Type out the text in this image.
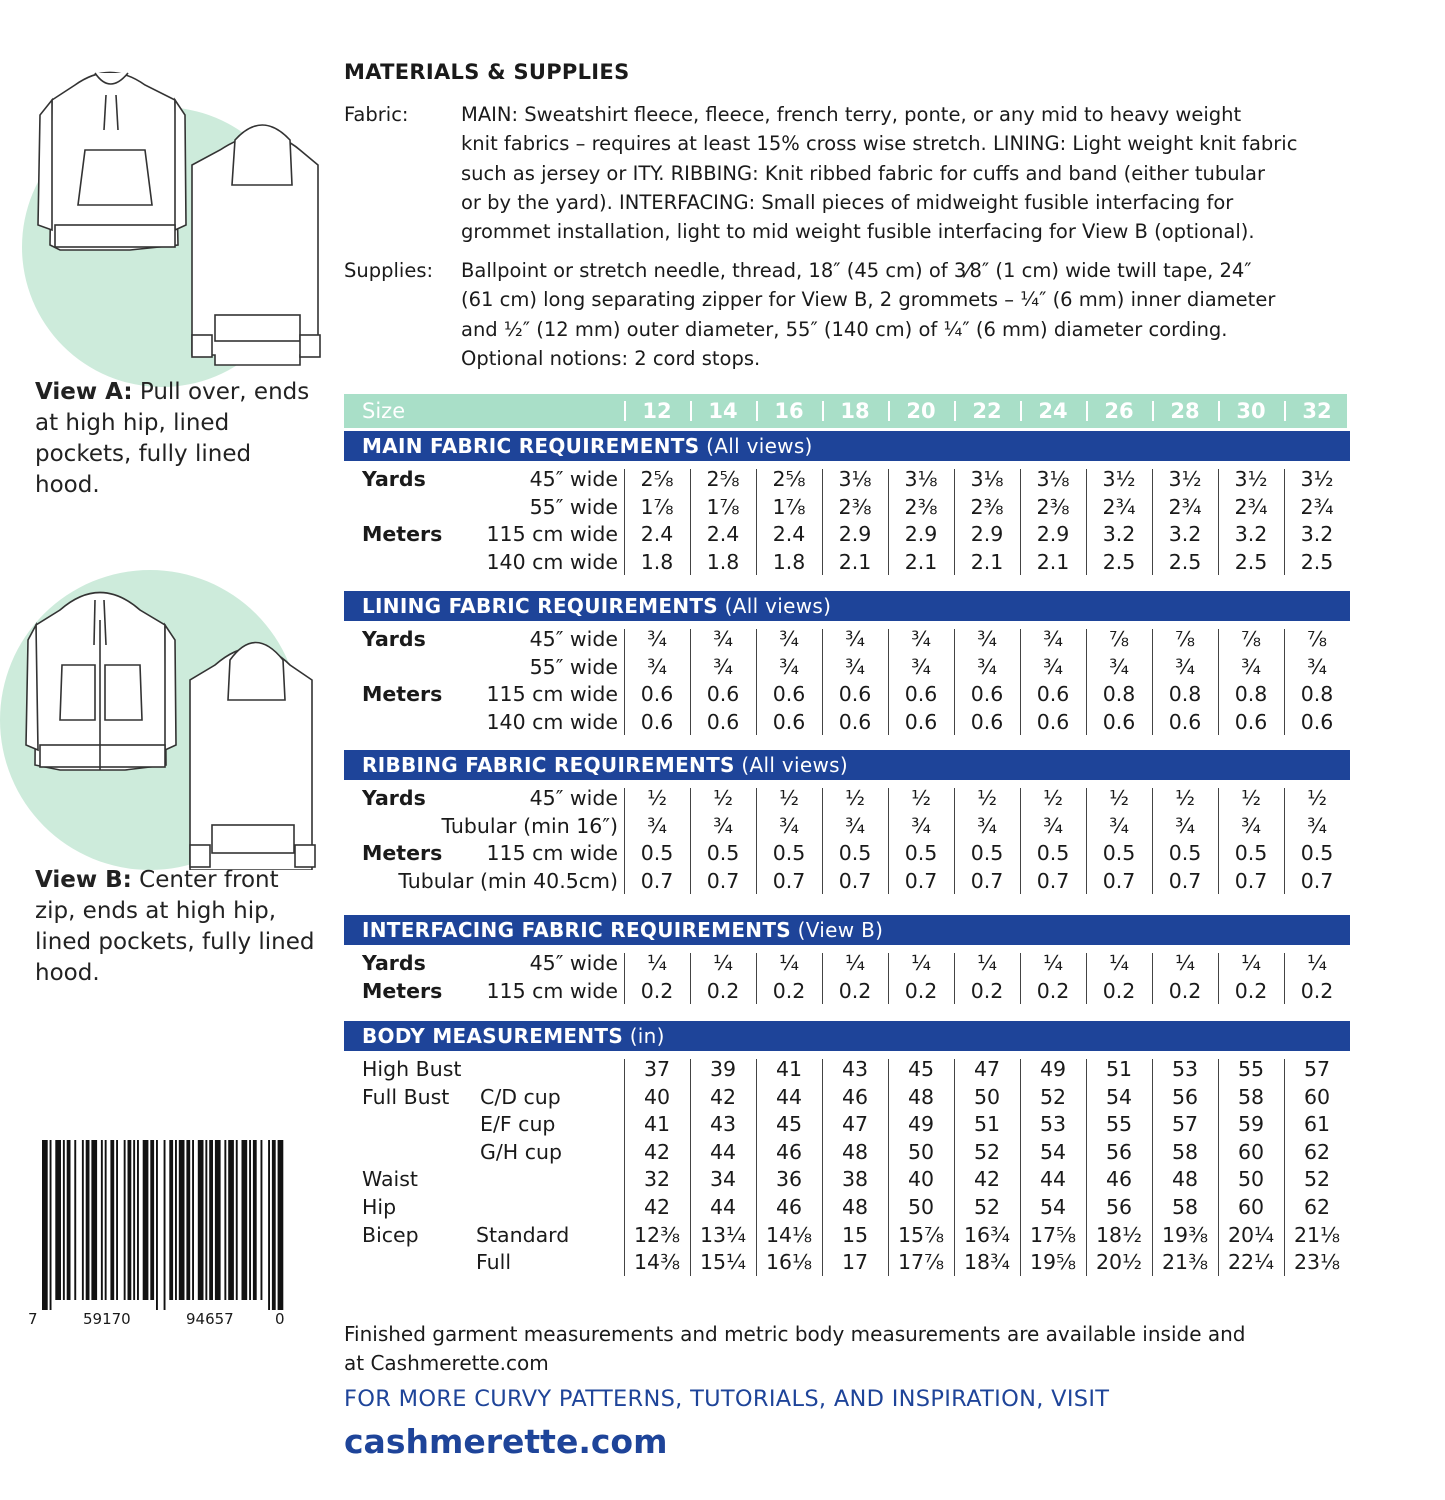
View A: Pull over, ends at high hip, lined pockets, fully lined hood.
View B: Center front zip, ends at high hip, lined pockets, fully lined hood.
7	59170	94657	0
MATERIALS & SUPPLIES
Fabric:	MAIN: Sweatshirt fleece, fleece, french terry, ponte, or any mid to heavy weight
knit fabrics – requires at least 15% cross wise stretch. LINING: Light weight knit fabric
such as jersey or ITY. RIBBING: Knit ribbed fabric for cuffs and band (either tubular
or by the yard). INTERFACING: Small pieces of midweight fusible interfacing for
grommet installation, light to mid weight fusible interfacing for View B (optional).
Supplies:	Ballpoint or stretch needle, thread, 18″ (45 cm) of 3⁄8″ (1 cm) wide twill tape, 24″
(61 cm) long separating zipper for View B, 2 grommets – ¼″ (6 mm) inner diameter
and ½″ (12 mm) outer diameter, 55″ (140 cm) of ¼″ (6 mm) diameter cording.
Optional notions: 2 cord stops.
Size	12	14	16	18	20	22	24	26	28	30	32
MAIN FABRIC REQUIREMENTS (All views)
Yards	45″ wide	2⅝	2⅝	2⅝	3⅛	3⅛	3⅛	3⅛	3½	3½	3½	3½
55″ wide	1⅞	1⅞	1⅞	2⅜	2⅜	2⅜	2⅜	2¾	2¾	2¾	2¾
Meters 115 cm wide	2.4	2.4	2.4	2.9	2.9	2.9	2.9	3.2	3.2	3.2	3.2
140 cm wide	1.8	1.8	1.8	2.1	2.1	2.1	2.1	2.5	2.5	2.5	2.5
LINING FABRIC REQUIREMENTS (All views)
Yards	45″ wide	¾	¾	¾	¾	¾	¾	¾	⅞	⅞	⅞	⅞
55″ wide	¾	¾	¾	¾	¾	¾	¾	¾	¾	¾	¾
Meters 115 cm wide	0.6	0.6	0.6	0.6	0.6	0.6	0.6	0.8	0.8	0.8	0.8
140 cm wide	0.6	0.6	0.6	0.6	0.6	0.6	0.6	0.6	0.6	0.6	0.6
RIBBING FABRIC REQUIREMENTS (All views)
Yards	45″ wide	½	½	½	½	½	½	½	½	½	½	½
Tubular (min 16″)	¾	¾	¾	¾	¾	¾	¾	¾	¾	¾	¾
Meters 115 cm wide	0.5	0.5	0.5	0.5	0.5	0.5	0.5	0.5	0.5	0.5	0.5
Tubular (min 40.5cm)	0.7	0.7	0.7	0.7	0.7	0.7	0.7	0.7	0.7	0.7	0.7
INTERFACING FABRIC REQUIREMENTS (View B)
Yards	45″ wide	¼	¼	¼	¼	¼	¼	¼	¼	¼	¼	¼
Meters 115 cm wide	0.2	0.2	0.2	0.2	0.2	0.2	0.2	0.2	0.2	0.2	0.2
BODY MEASUREMENTS (in)
High Bust	37	39	41	43	45	47	49	51	53	55	57
Full Bust C/D cup	40	42	44	46	48	50	52	54	56	58	60
E/F cup	41	43	45	47	49	51	53	55	57	59	61
G/H cup	42	44	46	48	50	52	54	56	58	60	62
Waist	32	34	36	38	40	42	44	46	48	50	52
Hip	42	44	46	48	50	52	54	56	58	60	62
Bicep	Standard	12⅜ 13¼ 14⅛	15	15⅞ 16¾ 17⅝ 18½ 19⅜ 20¼ 21⅛
Full	14⅜ 15¼ 16⅛	17	17⅞ 18¾ 19⅝ 20½ 21⅜ 22¼ 23⅛
Finished garment measurements and metric body measurements are available inside and
at Cashmerette.com
FOR MORE CURVY PATTERNS, TUTORIALS, AND INSPIRATION, VISIT
cashmerette.com
